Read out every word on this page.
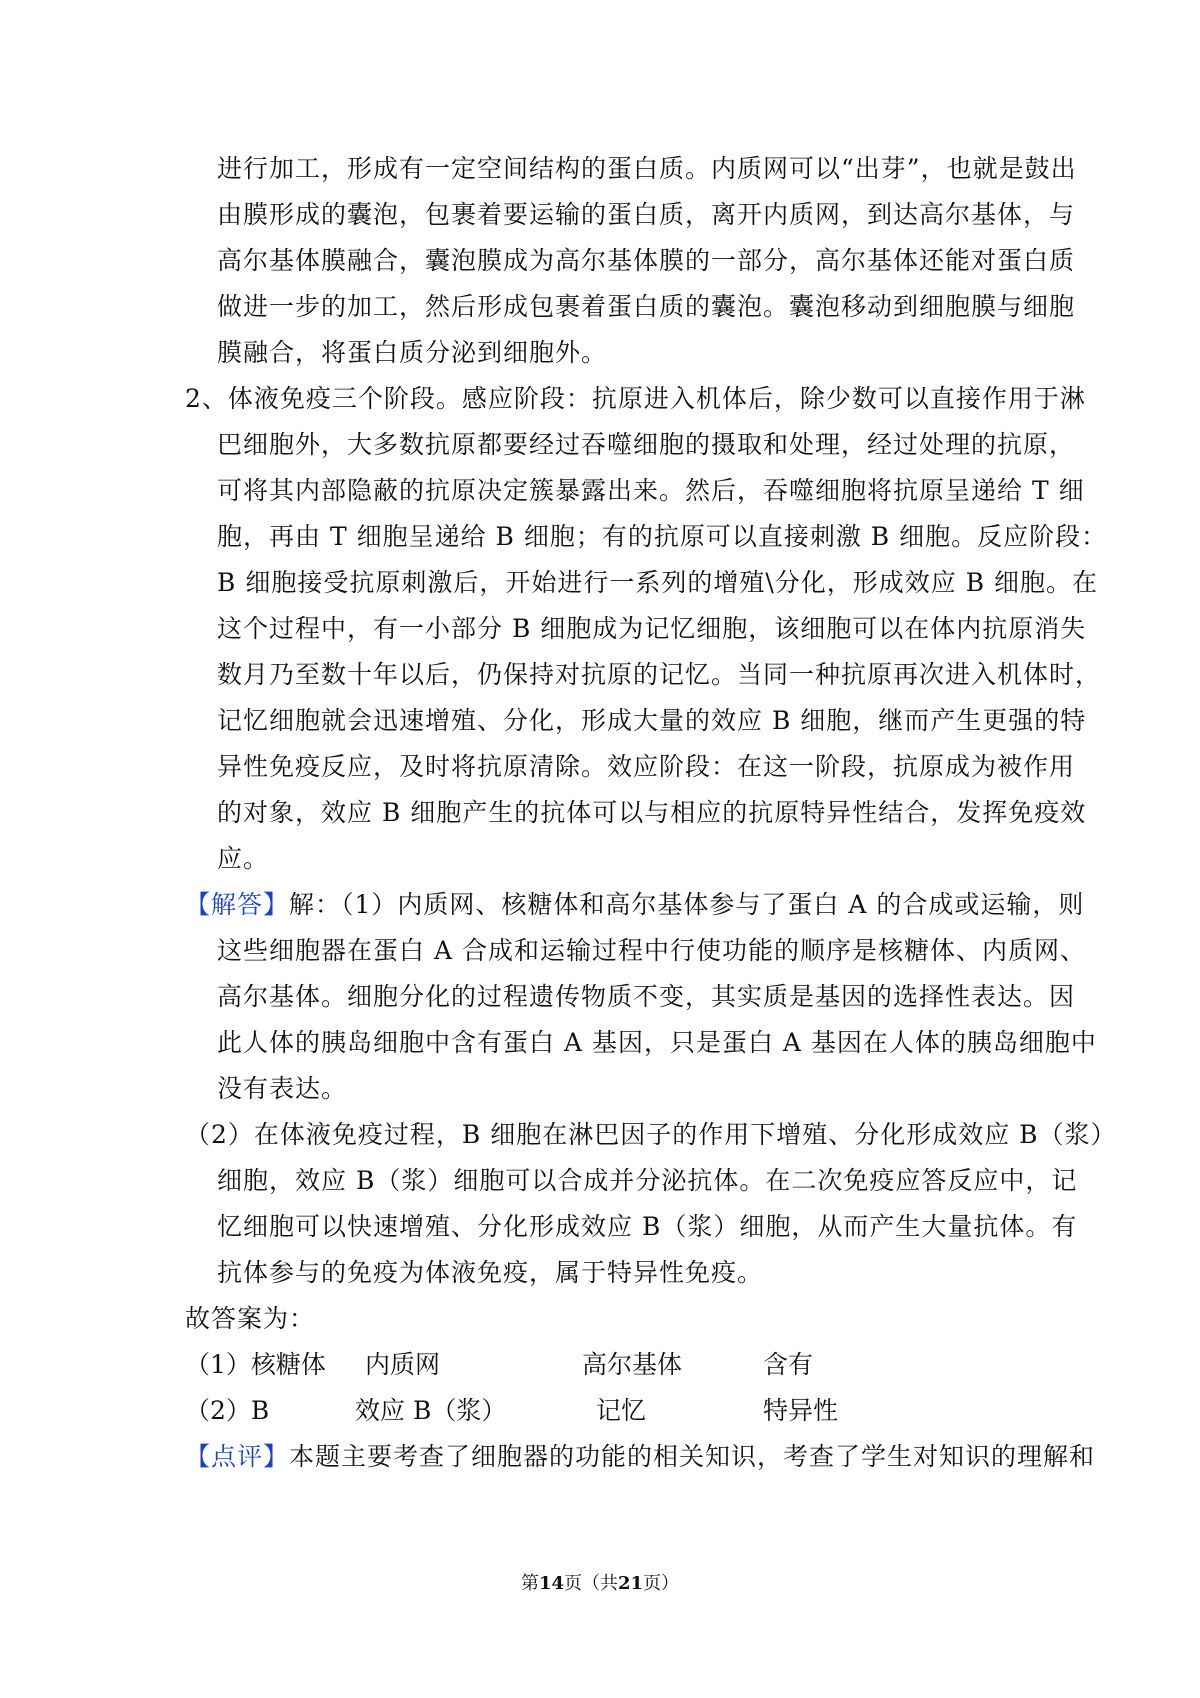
进行加工，形成有一定空间结构的蛋白质。内质网可以“出芽”，也就是鼓出
由膜形成的囊泡，包裹着要运输的蛋白质，离开内质网，到达高尔基体，与
高尔基体膜融合，囊泡膜成为高尔基体膜的一部分，高尔基体还能对蛋白质
做进一步的加工，然后形成包裹着蛋白质的囊泡。囊泡移动到细胞膜与细胞
膜融合，将蛋白质分泌到细胞外。
2、体液免疫三个阶段。感应阶段：抗原进入机体后，除少数可以直接作用于淋
巴细胞外，大多数抗原都要经过吞噬细胞的摄取和处理，经过处理的抗原，
可将其内部隐蔽的抗原决定簇暴露出来。然后，吞噬细胞将抗原呈递给 T 细
胞，再由 T 细胞呈递给 B 细胞；有的抗原可以直接刺激 B 细胞。反应阶段：
B 细胞接受抗原刺激后，开始进行一系列的增殖\分化，形成效应 B 细胞。在
这个过程中，有一小部分 B 细胞成为记忆细胞，该细胞可以在体内抗原消失
数月乃至数十年以后，仍保持对抗原的记忆。当同一种抗原再次进入机体时，
记忆细胞就会迅速增殖、分化，形成大量的效应 B 细胞，继而产生更强的特
异性免疫反应，及时将抗原清除。效应阶段：在这一阶段，抗原成为被作用
的对象，效应 B 细胞产生的抗体可以与相应的抗原特异性结合，发挥免疫效
应。
【解答】解：（1）内质网、核糖体和高尔基体参与了蛋白 A 的合成或运输，则
这些细胞器在蛋白 A 合成和运输过程中行使功能的顺序是核糖体、内质网、
高尔基体。细胞分化的过程遗传物质不变，其实质是基因的选择性表达。因
此人体的胰岛细胞中含有蛋白 A 基因，只是蛋白 A 基因在人体的胰岛细胞中
没有表达。
（2）在体液免疫过程，B 细胞在淋巴因子的作用下增殖、分化形成效应 B（浆）
细胞，效应 B（浆）细胞可以合成并分泌抗体。在二次免疫应答反应中，记
忆细胞可以快速增殖、分化形成效应 B（浆）细胞，从而产生大量抗体。有
抗体参与的免疫为体液免疫，属于特异性免疫。
故答案为：
（1）核糖体 内质网	高尔基体	含有
（2）B	效应 B（浆）	记忆	特异性
【点评】本题主要考查了细胞器的功能的相关知识，考查了学生对知识的理解和
第14页（共21页）
